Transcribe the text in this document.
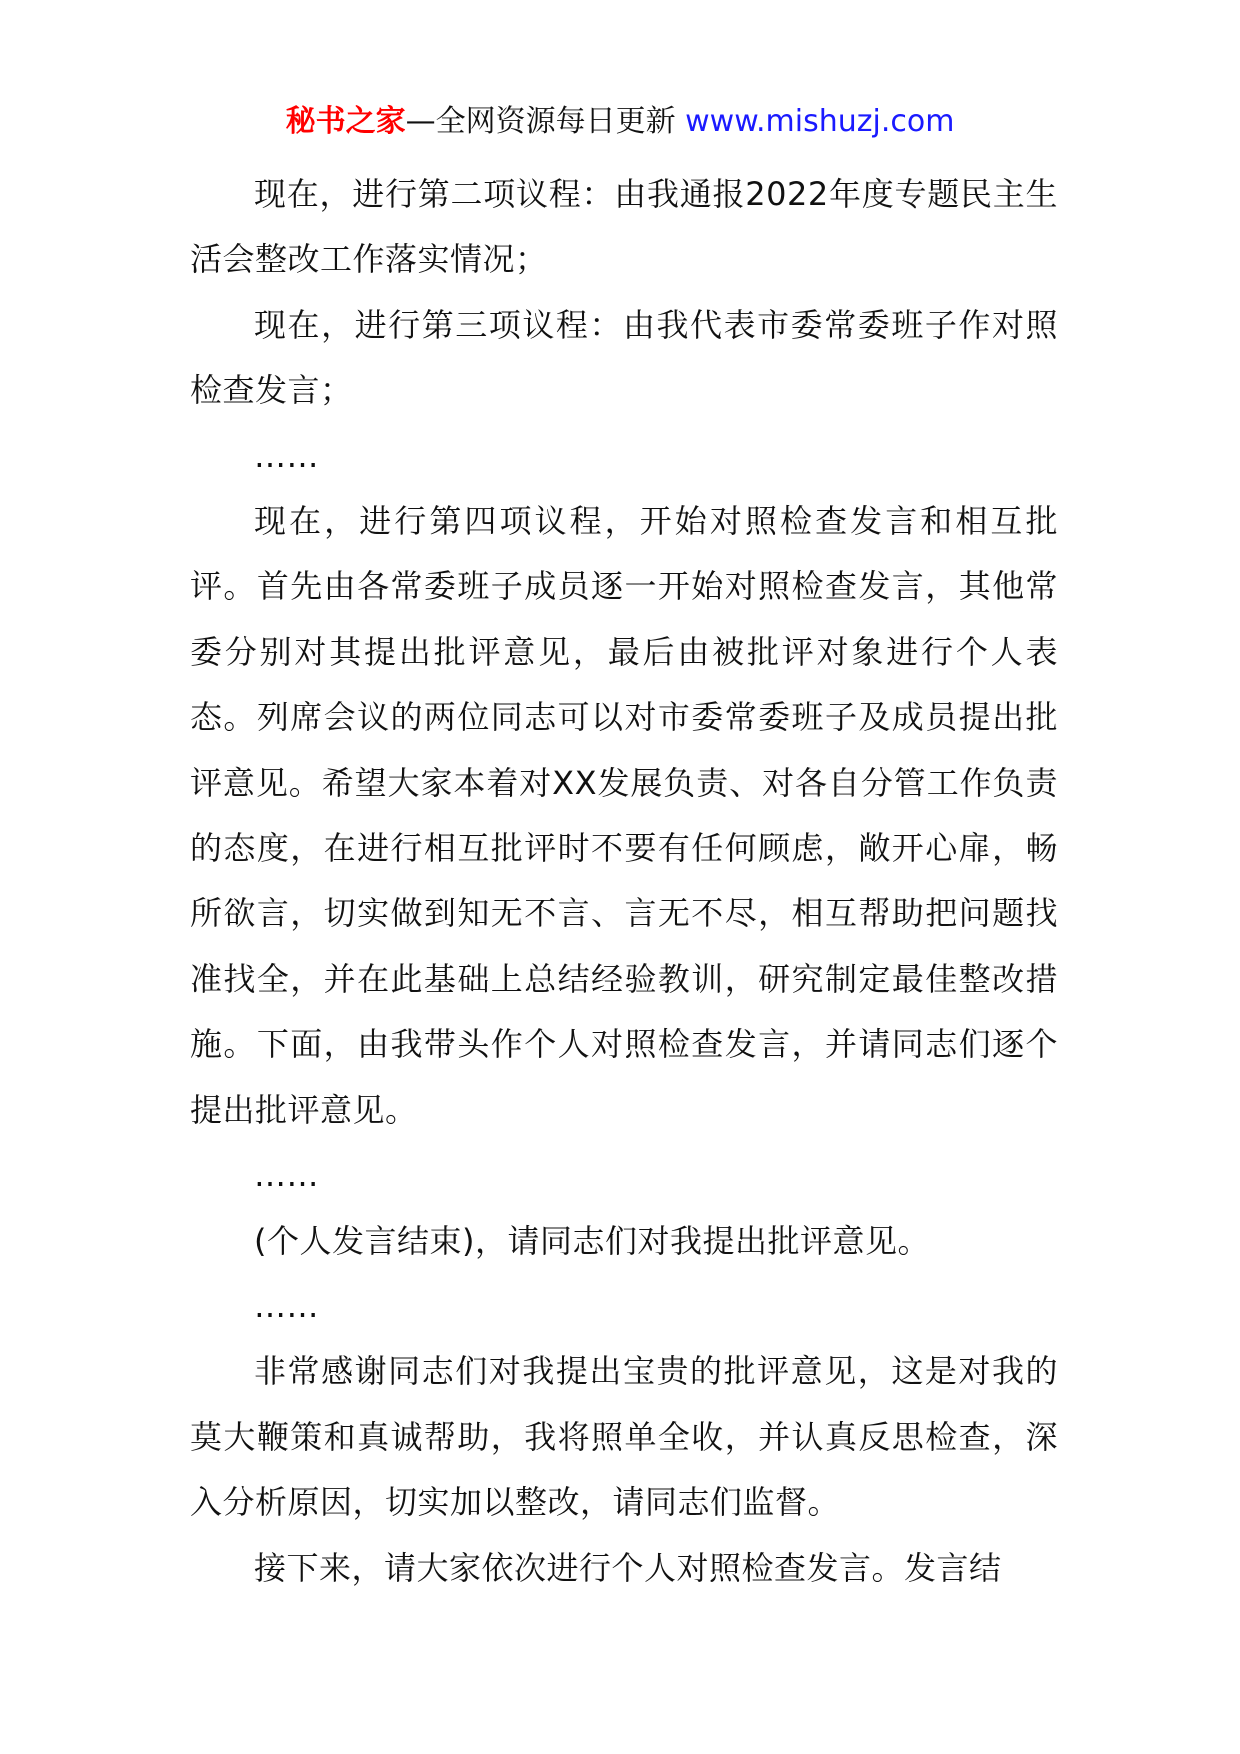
秘书之家—全网资源每日更新 www.mishuzj.com

现在，进行第二项议程：由我通报2022年度专题民主生活会整改工作落实情况；

现在，进行第三项议程：由我代表市委常委班子作对照检查发言；

……

现在，进行第四项议程，开始对照检查发言和相互批评。首先由各常委班子成员逐一开始对照检查发言，其他常委分别对其提出批评意见，最后由被批评对象进行个人表态。列席会议的两位同志可以对市委常委班子及成员提出批评意见。希望大家本着对XX发展负责、对各自分管工作负责的态度，在进行相互批评时不要有任何顾虑，敞开心扉，畅所欲言，切实做到知无不言、言无不尽，相互帮助把问题找准找全，并在此基础上总结经验教训，研究制定最佳整改措施。下面，由我带头作个人对照检查发言，并请同志们逐个提出批评意见。

……

(个人发言结束)，请同志们对我提出批评意见。

……

非常感谢同志们对我提出宝贵的批评意见，这是对我的莫大鞭策和真诚帮助，我将照单全收，并认真反思检查，深入分析原因，切实加以整改，请同志们监督。

接下来，请大家依次进行个人对照检查发言。发言结
